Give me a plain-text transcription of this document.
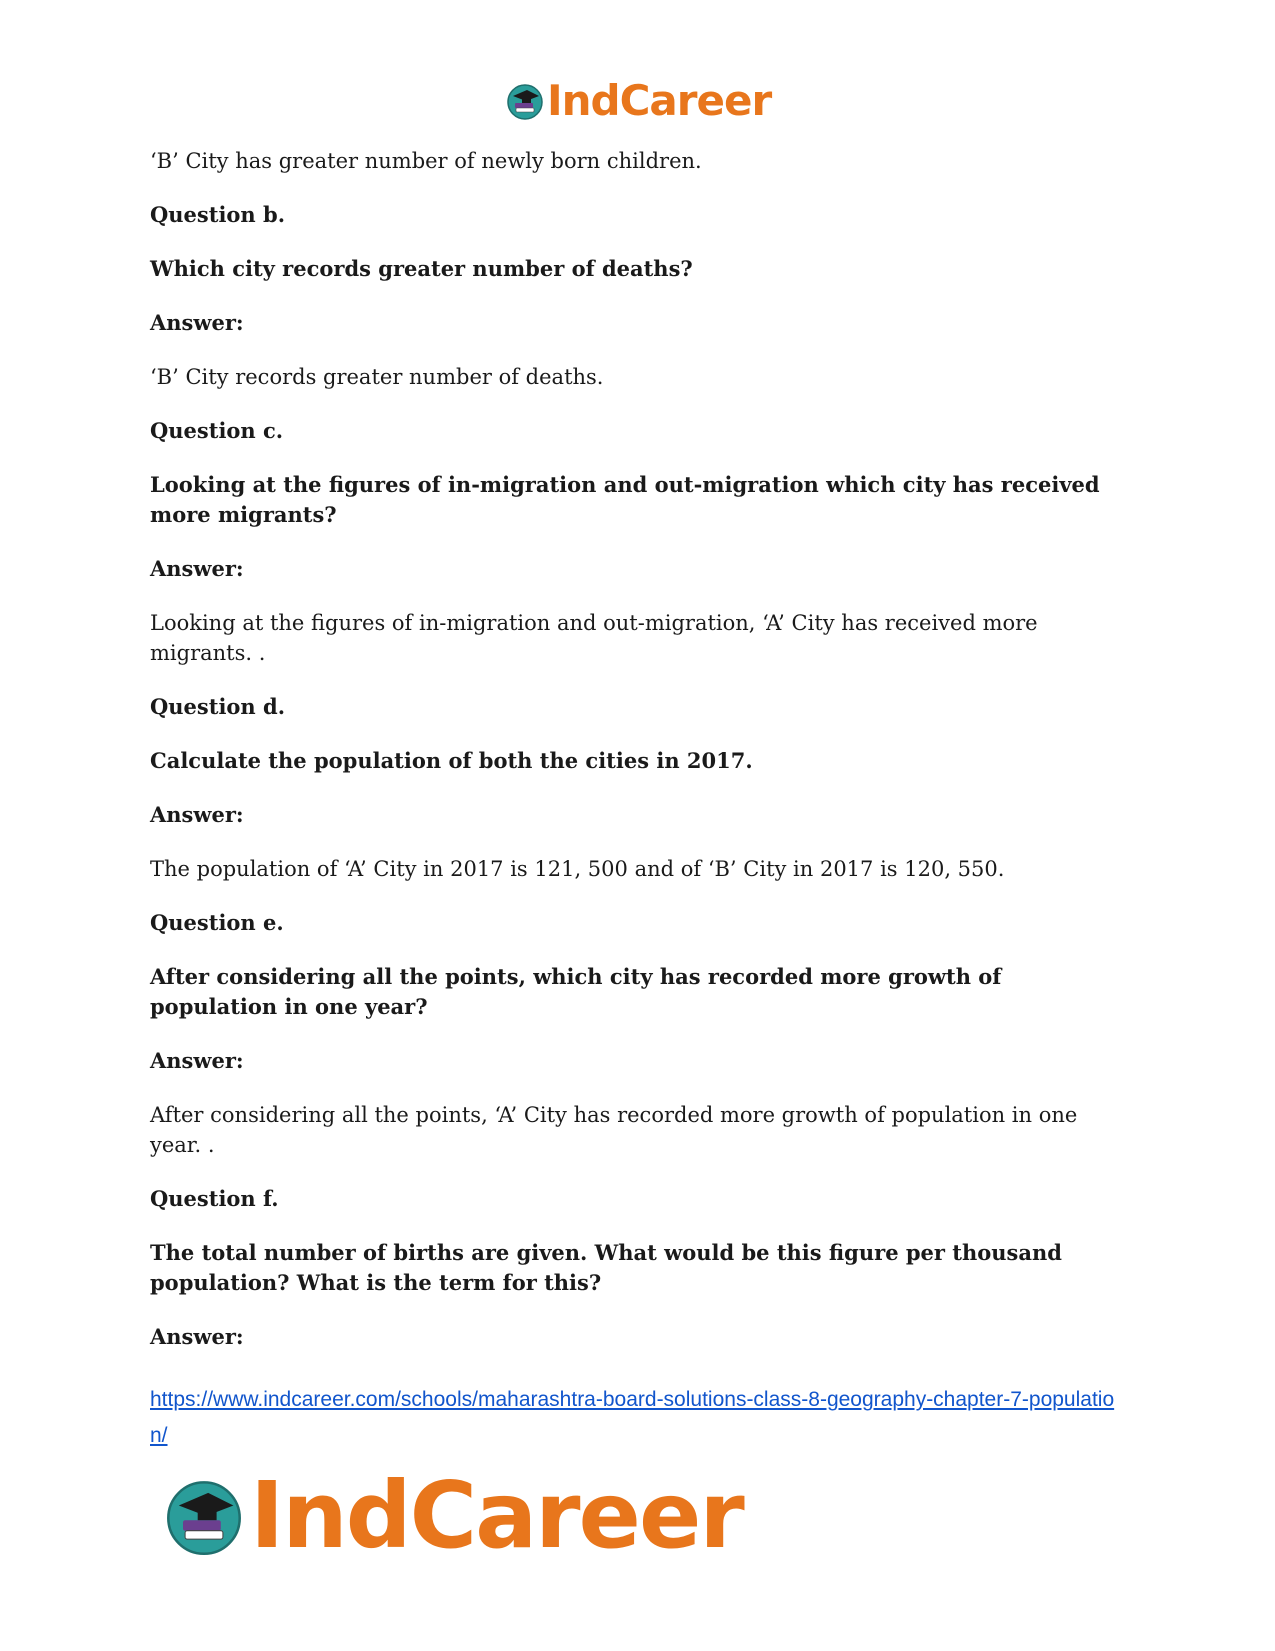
IndCareer

‘B’ City has greater number of newly born children.

Question b.

Which city records greater number of deaths?

Answer:

‘B’ City records greater number of deaths.

Question c.

Looking at the figures of in-migration and out-migration which city has received more migrants?

Answer:

Looking at the figures of in-migration and out-migration, ‘A’ City has received more migrants. .

Question d.

Calculate the population of both the cities in 2017.

Answer:

The population of ‘A’ City in 2017 is 121, 500 and of ‘B’ City in 2017 is 120, 550.

Question e.

After considering all the points, which city has recorded more growth of population in one year?

Answer:

After considering all the points, ‘A’ City has recorded more growth of population in one year. .

Question f.

The total number of births are given. What would be this figure per thousand population? What is the term for this?

Answer:

https://www.indcareer.com/schools/maharashtra-board-solutions-class-8-geography-chapter-7-population/
IndCareer
